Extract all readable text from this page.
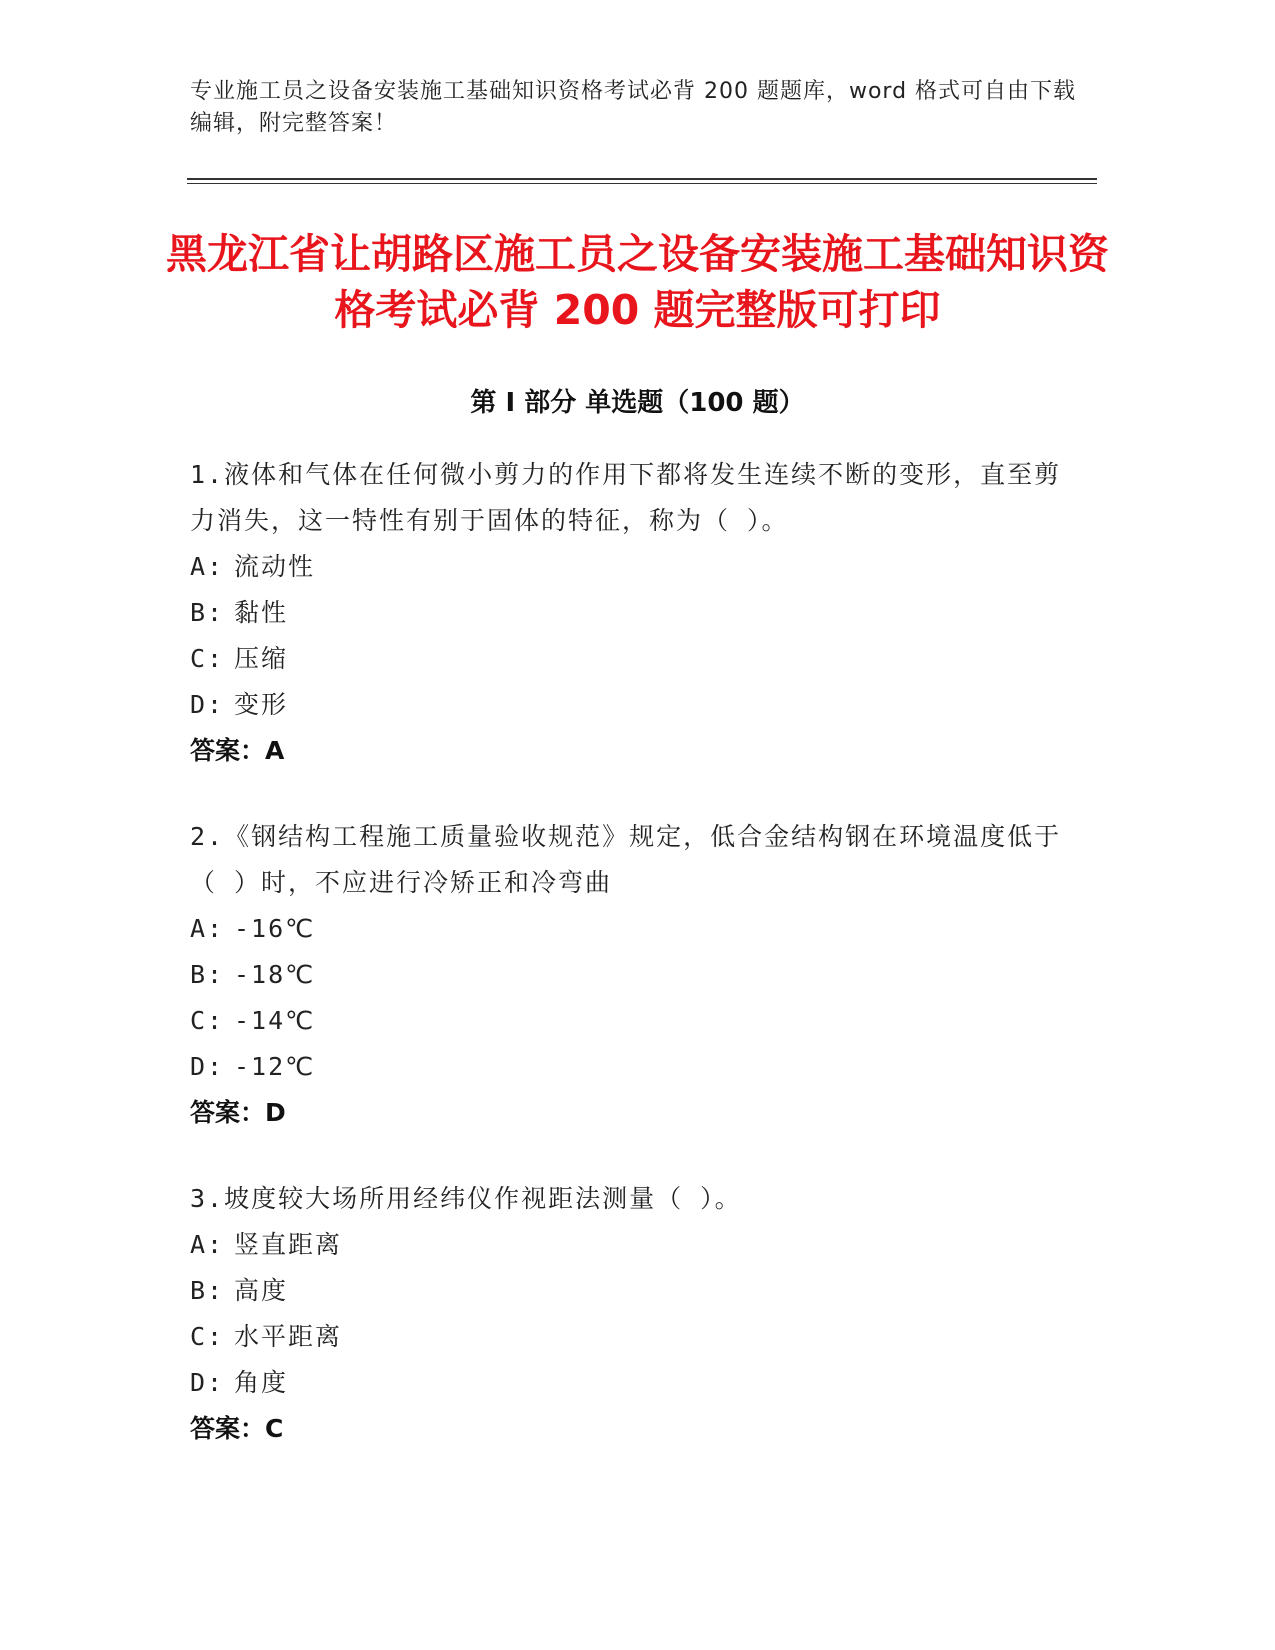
专业施工员之设备安装施工基础知识资格考试必背 200 题题库，word 格式可自由下载编辑，附完整答案！
黑龙江省让胡路区施工员之设备安装施工基础知识资格考试必背 200 题完整版可打印
第 I 部分 单选题（100 题）

1.液体和气体在任何微小剪力的作用下都将发生连续不断的变形，直至剪力消失，这一特性有别于固体的特征，称为（ ）。

A: 流动性

B: 黏性

C: 压缩

D: 变形

答案：A

2.《钢结构工程施工质量验收规范》规定，低合金结构钢在环境温度低于（ ）时，不应进行冷矫正和冷弯曲

A: -16℃

B: -18℃

C: -14℃

D: -12℃

答案：D

3.坡度较大场所用经纬仪作视距法测量（ ）。

A: 竖直距离

B: 高度

C: 水平距离

D: 角度

答案：C
